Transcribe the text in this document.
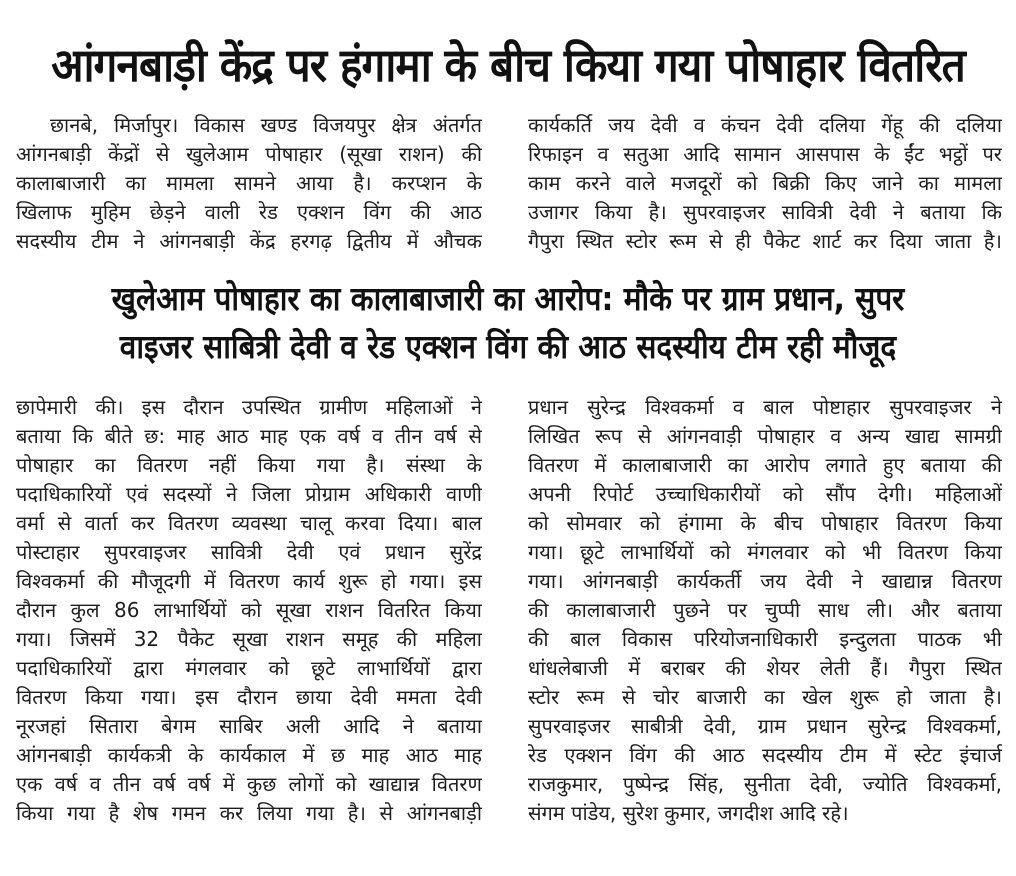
आंगनबाड़ी केंद्र पर हंगामा के बीच किया गया पोषाहार वितरित
छानबे, मिर्जापुर। विकास खण्ड विजयपुर क्षेत्र अंतर्गत
आंगनबाड़ी केंद्रों से खुलेआम पोषाहार (सूखा राशन) की
कालाबाजारी का मामला सामने आया है। करप्शन के
खिलाफ मुहिम छेड़ने वाली रेड एक्शन विंग की आठ
सदस्यीय टीम ने आंगनबाड़ी केंद्र हरगढ़ द्वितीय में औचक
कार्यकर्ति जय देवी व कंचन देवी दलिया गेंहू की दलिया
रिफाइन व सतुआ आदि सामान आसपास के ईंट भट्ठों पर
काम करने वाले मजदूरों को बिक्री किए जाने का मामला
उजागर किया है। सुपरवाइजर सावित्री देवी ने बताया कि
गैपुरा स्थित स्टोर रूम से ही पैकेट शार्ट कर दिया जाता है।
खुलेआम पोषाहार का कालाबाजारी का आरोप: मौके पर ग्राम प्रधान, सुपर
वाइजर साबित्री देवी व रेड एक्शन विंग की आठ सदस्यीय टीम रही मौजूद
छापेमारी की। इस दौरान उपस्थित ग्रामीण महिलाओं ने
बताया कि बीते छ: माह आठ माह एक वर्ष व तीन वर्ष से
पोषाहार का वितरण नहीं किया गया है। संस्था के
पदाधिकारियों एवं सदस्यों ने जिला प्रोग्राम अधिकारी वाणी
वर्मा से वार्ता कर वितरण व्यवस्था चालू करवा दिया। बाल
पोस्टाहार सुपरवाइजर सावित्री देवी एवं प्रधान सुरेंद्र
विश्वकर्मा की मौजूदगी में वितरण कार्य शुरू हो गया। इस
दौरान कुल 86 लाभार्थियों को सूखा राशन वितरित किया
गया। जिसमें 32 पैकेट सूखा राशन समूह की महिला
पदाधिकारियों द्वारा मंगलवार को छूटे लाभार्थियों द्वारा
वितरण किया गया। इस दौरान छाया देवी ममता देवी
नूरजहां सितारा बेगम साबिर अली आदि ने बताया
आंगनबाड़ी कार्यकत्री के कार्यकाल में छ माह आठ माह
एक वर्ष व तीन वर्ष वर्ष में कुछ लोगों को खाद्यान्न वितरण
किया गया है शेष गमन कर लिया गया है। से आंगनबाड़ी
प्रधान सुरेन्द्र विश्वकर्मा व बाल पोष्टाहार सुपरवाइजर ने
लिखित रूप से आंगनवाड़ी पोषाहार व अन्य खाद्य सामग्री
वितरण में कालाबाजारी का आरोप लगाते हुए बताया की
अपनी रिपोर्ट उच्चाधिकारीयों को सौंप देगी। महिलाओं
को सोमवार को हंगामा के बीच पोषाहार वितरण किया
गया। छूटे लाभार्थियों को मंगलवार को भी वितरण किया
गया। आंगनबाड़ी कार्यकर्ती जय देवी ने खाद्यान्न वितरण
की कालाबाजारी पुछने पर चुप्पी साध ली। और बताया
की बाल विकास परियोजनाधिकारी इन्दुलता पाठक भी
धांधलेबाजी में बराबर की शेयर लेती हैं। गैपुरा स्थित
स्टोर रूम से चोर बाजारी का खेल शुरू हो जाता है।
सुपरवाइजर साबीत्री देवी, ग्राम प्रधान सुरेन्द्र विश्वकर्मा,
रेड एक्शन विंग की आठ सदस्यीय टीम में स्टेट इंचार्ज
राजकुमार, पुष्पेन्द्र सिंह, सुनीता देवी, ज्योति विश्वकर्मा,
संगम पांडेय, सुरेश कुमार, जगदीश आदि रहे।
